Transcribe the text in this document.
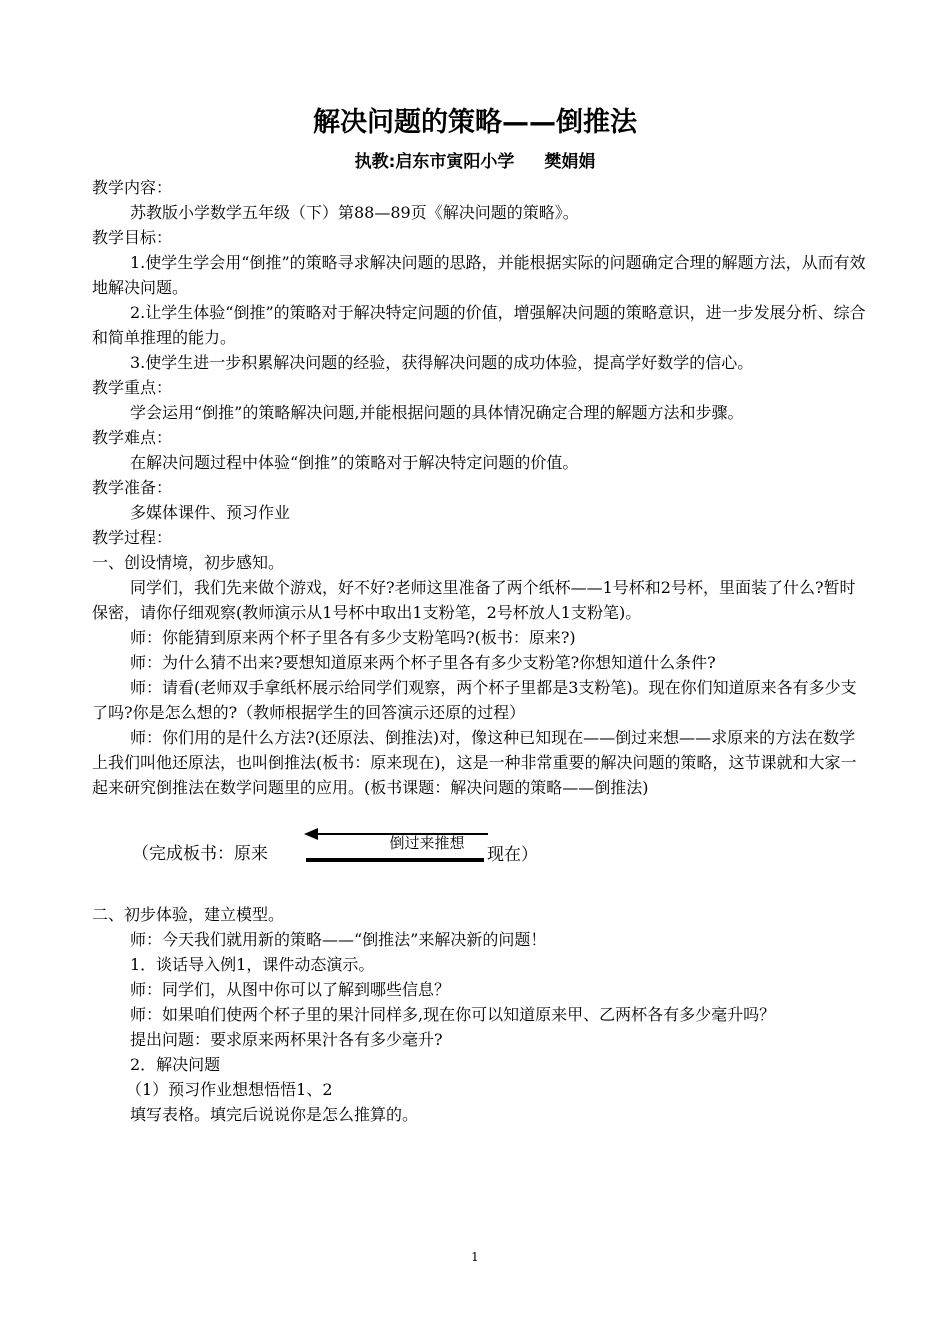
解决问题的策略——倒推法
执教:启东市寅阳小学 樊娟娟

教学内容：

苏教版小学数学五年级（下）第88—89页《解决问题的策略》。

教学目标：

1.使学生学会用“倒推”的策略寻求解决问题的思路，并能根据实际的问题确定合理的解题方法，从而有效地解决问题。

2.让学生体验“倒推”的策略对于解决特定问题的价值，增强解决问题的策略意识，进一步发展分析、综合和简单推理的能力。

3.使学生进一步积累解决问题的经验，获得解决问题的成功体验，提高学好数学的信心。

教学重点：

学会运用“倒推”的策略解决问题,并能根据问题的具体情况确定合理的解题方法和步骤。

教学难点：

在解决问题过程中体验“倒推”的策略对于解决特定问题的价值。

教学准备：

多媒体课件、预习作业

教学过程：

一、创设情境，初步感知。

同学们，我们先来做个游戏，好不好?老师这里准备了两个纸杯——1号杯和2号杯，里面装了什么?暂时保密，请你仔细观察(教师演示从1号杯中取出1支粉笔，2号杯放人1支粉笔)。

师：你能猜到原来两个杯子里各有多少支粉笔吗?(板书：原来?)

师：为什么猜不出来?要想知道原来两个杯子里各有多少支粉笔?你想知道什么条件?

师：请看(老师双手拿纸杯展示给同学们观察，两个杯子里都是3支粉笔)。现在你们知道原来各有多少支了吗?你是怎么想的?（教师根据学生的回答演示还原的过程）

师：你们用的是什么方法?(还原法、倒推法)对，像这种已知现在——倒过来想——求原来的方法在数学上我们叫他还原法，也叫倒推法(板书：原来现在)，这是一种非常重要的解决问题的策略，这节课就和大家一起来研究倒推法在数学问题里的应用。(板书课题：解决问题的策略——倒推法)

（完成板书：原来
倒过来推想
现在）

二、初步体验，建立模型。

师：今天我们就用新的策略——“倒推法”来解决新的问题！

1．谈话导入例1，课件动态演示。

师：同学们，从图中你可以了解到哪些信息？

师：如果咱们使两个杯子里的果汁同样多,现在你可以知道原来甲、乙两杯各有多少毫升吗？

提出问题：要求原来两杯果汁各有多少毫升?

2．解决问题

（1）预习作业想想悟悟1、2

填写表格。填完后说说你是怎么推算的。

1
